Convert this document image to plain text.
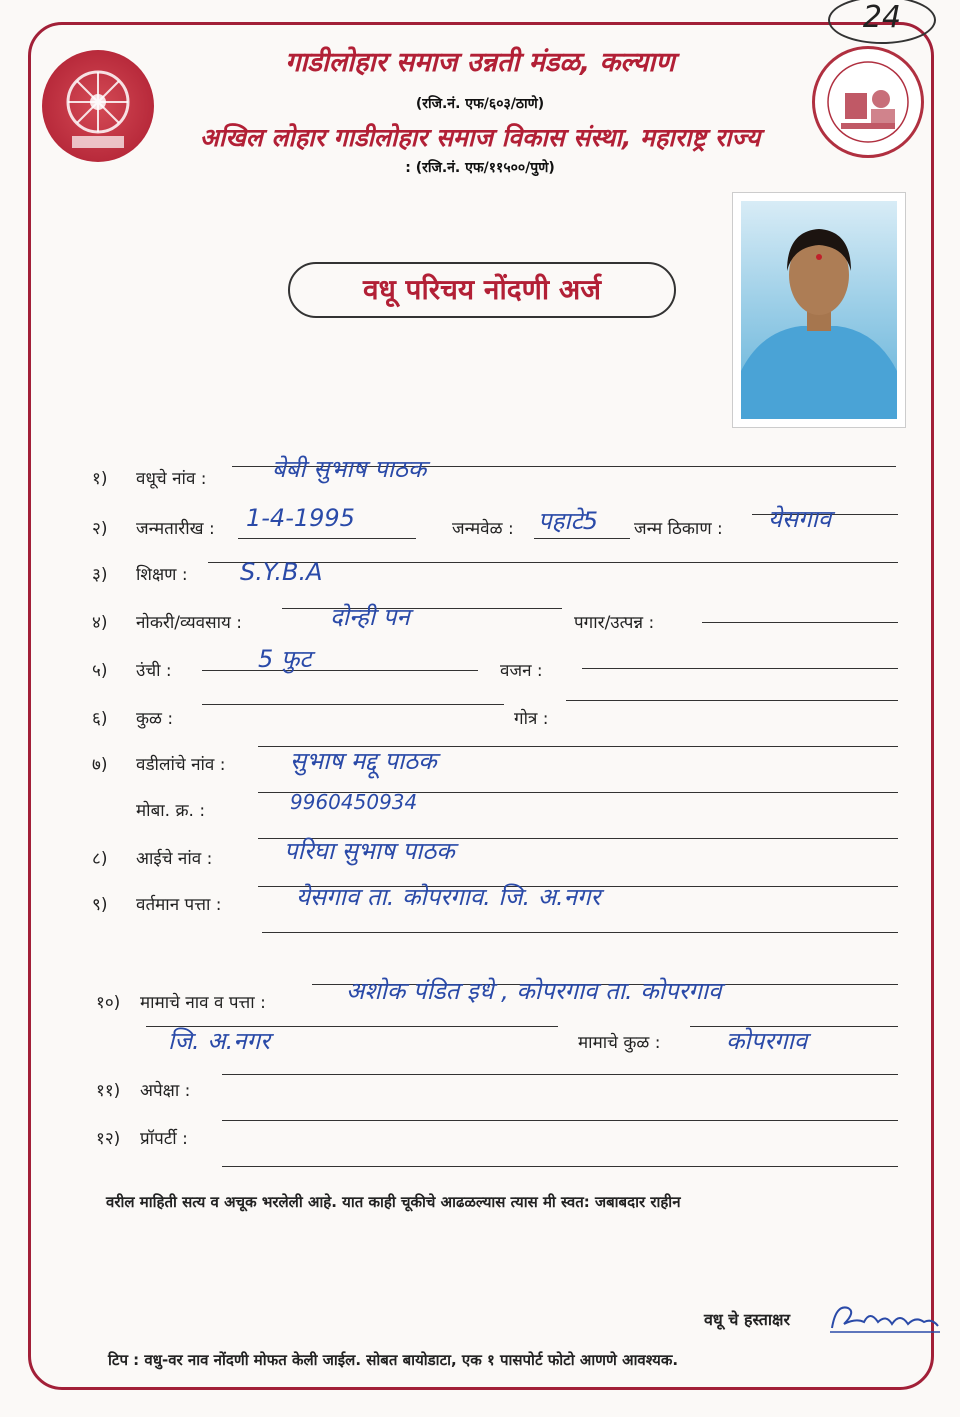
24
गाडीलोहार समाज उन्नती मंडळ, कल्याण
(रजि.नं. एफ/६०३/ठाणे)
अखिल लोहार गाडीलोहार समाज विकास संस्था, महाराष्ट्र राज्य
: (रजि.नं. एफ/११५००/पुणे)
वधू परिचय नोंदणी अर्ज
१) वधूचे नांव :	बेबी सुभाष पाठक
२) जन्मतारीख : 1-4-1995	जन्मवेळ : पहाटे5 जन्म ठिकाण : येसगाव
३) शिक्षण : S.Y.B.A
४) नोकरी/व्यवसाय :	दोन्ही पन	पगार/उत्पन्न :
५) उंची :	5 फुट	वजन :
६) कुळ :	गोत्र :
७) वडीलांचे नांव :	सुभाष मद्दू पाठक
मोबा. क्र. :	9960450934
८) आईचे नांव :	परिघा सुभाष पाठक
९) वर्तमान पत्ता :	येसगाव ता. कोपरगाव. जि. अ.नगर
१०) मामाचे नाव व पत्ता :	अशोक पंडित इधे , कोपरगाव ता. कोपरगाव
जि. अ.नगर	मामाचे कुळ :	कोपरगाव
११) अपेक्षा :
१२) प्रॉपर्टी :
वरील माहिती सत्य व अचूक भरलेली आहे. यात काही चूकीचे आढळल्यास त्यास मी स्वत: जबाबदार राहीन
वधू चे हस्ताक्षर
टिप : वधु-वर नाव नोंदणी मोफत केली जाईल. सोबत बायोडाटा, एक १ पासपोर्ट फोटो आणणे आवश्यक.
